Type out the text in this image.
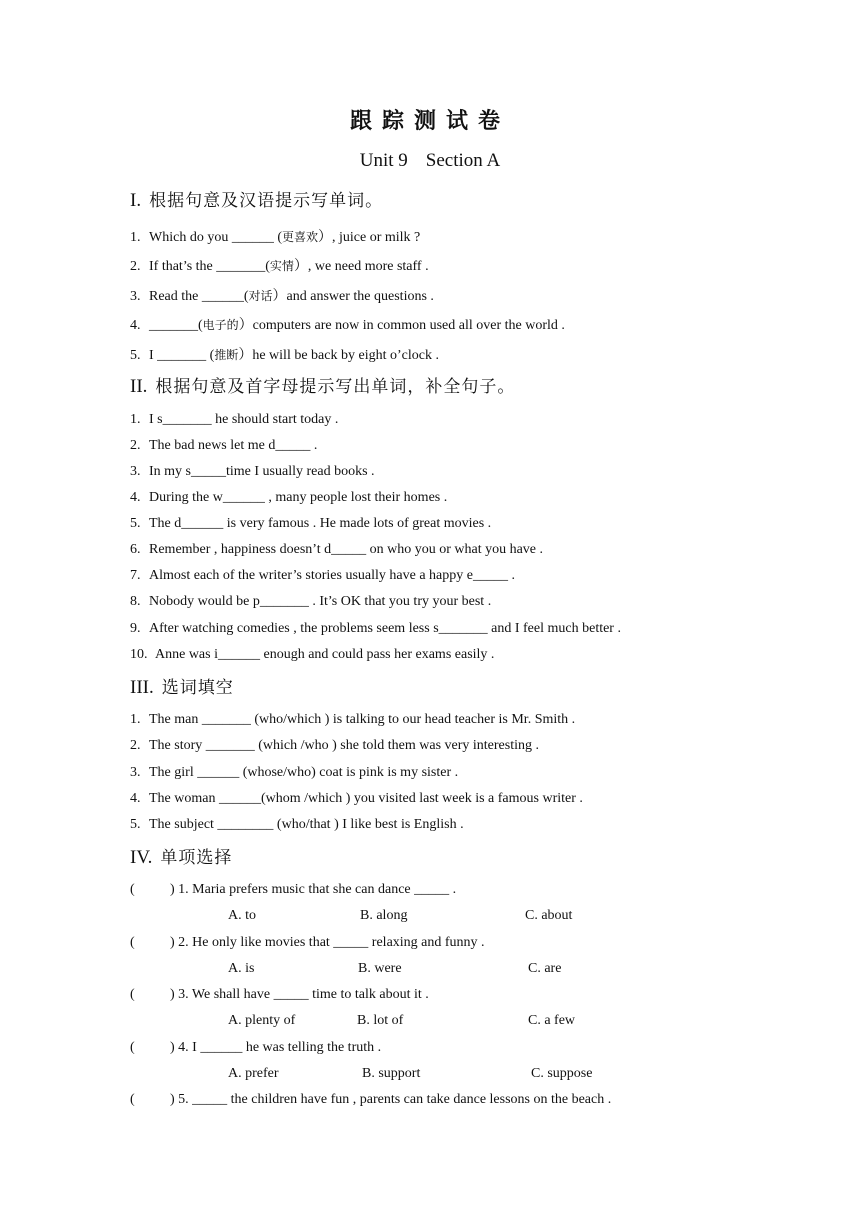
跟踪测试卷
Unit 9 Section A
I. 根据句意及汉语提示写单词。
1. Which do you ______ (更喜欢）, juice or milk ?
2. If that’s the _______(实情）, we need more staff .
3. Read the ______(对话）and answer the questions .
4. _______(电子的）computers are now in common used all over the world .
5. I _______ (推断）he will be back by eight o’clock .
II. 根据句意及首字母提示写出单词，补全句子。
1. I s_______ he should start today .
2. The bad news let me d_____ .
3. In my s_____time I usually read books .
4. During the w______ , many people lost their homes .
5. The d______ is very famous . He made lots of great movies .
6. Remember , happiness doesn’t d_____ on who you or what you have .
7. Almost each of the writer’s stories usually have a happy e_____ .
8. Nobody would be p_______ . It’s OK that you try your best .
9. After watching comedies , the problems seem less s_______ and I feel much better .
10. Anne was i______ enough and could pass her exams easily .
III. 选词填空
1. The man _______ (who/which ) is talking to our head teacher is Mr. Smith .
2. The story _______ (which /who ) she told them was very interesting .
3. The girl ______ (whose/who) coat is pink is my sister .
4. The woman ______(whom /which ) you visited last week is a famous writer .
5. The subject ________ (who/that ) I like best is English .
IV. 单项选择
(	) 1. Maria prefers music that she can dance _____ .
A. to	B. along	C. about
(	) 2. He only like movies that _____ relaxing and funny .
A. is	B. were	C. are
(	) 3. We shall have _____ time to talk about it .
A. plenty of	B. lot of	C. a few
(	) 4. I ______ he was telling the truth .
A. prefer	B. support	C. suppose
(	) 5. _____ the children have fun , parents can take dance lessons on the beach .
